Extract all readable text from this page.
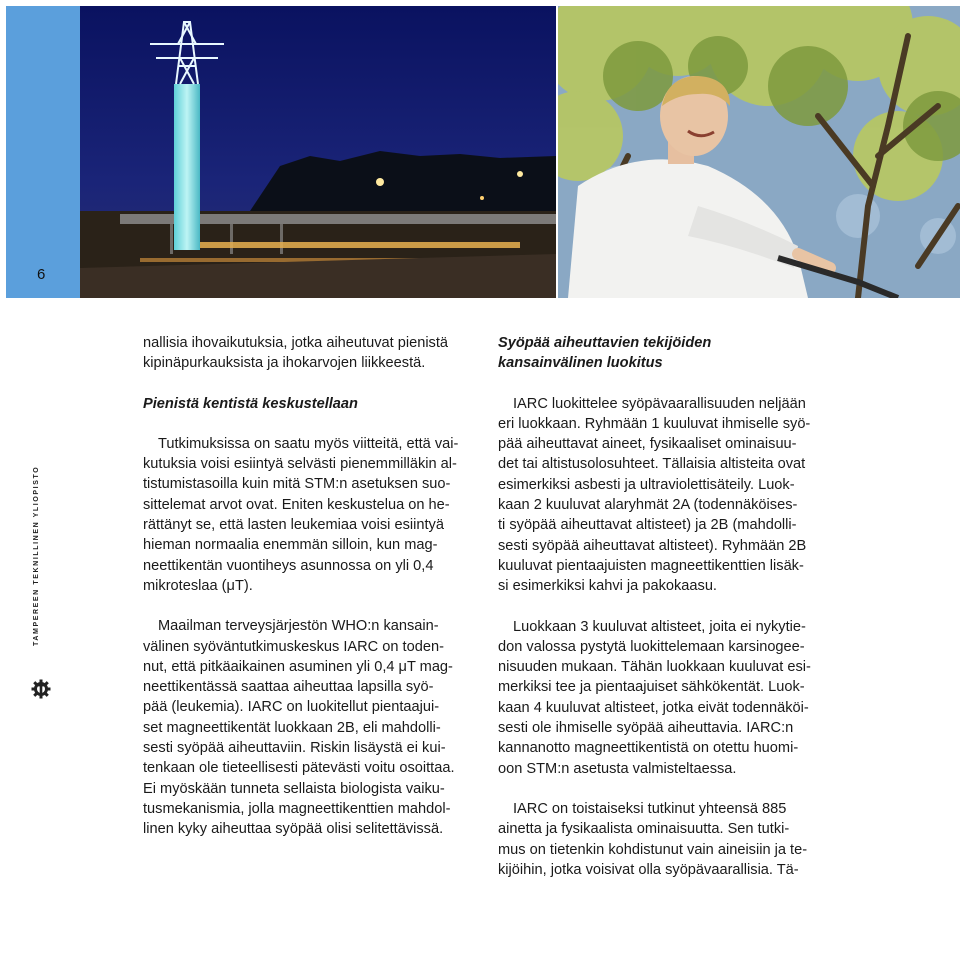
6
TAMPEREEN TEKNILLINEN YLIOPISTO

nallisia ihovaikutuksia, jotka aiheutuvat pienistä

kipinäpurkauksista ja ihokarvojen liikkeestä.

Pienistä kentistä keskustellaan

Tutkimuksissa on saatu myös viitteitä, että vai-

kutuksia voisi esiintyä selvästi pienemmilläkin al-

tistumistasoilla kuin mitä STM:n asetuksen suo-

sittelemat arvot ovat. Eniten keskustelua on he-

rättänyt se, että lasten leukemiaa voisi esiintyä

hieman normaalia enemmän silloin, kun mag-

neettikentän vuontiheys asunnossa on yli 0,4

mikroteslaa (μT).

Maailman terveysjärjestön WHO:n kansain-

välinen syöväntutkimuskeskus IARC on toden-

nut, että pitkäaikainen asuminen yli 0,4 μT mag-

neettikentässä saattaa aiheuttaa lapsilla syö-

pää (leukemia). IARC on luokitellut pientaajui-

set magneettikentät luokkaan 2B, eli mahdolli-

sesti syöpää aiheuttaviin. Riskin lisäystä ei kui-

tenkaan ole tieteellisesti pätevästi voitu osoittaa.

Ei myöskään tunneta sellaista biologista vaiku-

tusmekanismia, jolla magneettikenttien mahdol-

linen kyky aiheuttaa syöpää olisi selitettävissä.

Syöpää aiheuttavien tekijöiden

kansainvälinen luokitus

IARC luokittelee syöpävaarallisuuden neljään

eri luokkaan. Ryhmään 1 kuuluvat ihmiselle syö-

pää aiheuttavat aineet, fysikaaliset ominaisuu-

det tai altistusolosuhteet. Tällaisia altisteita ovat

esimerkiksi asbesti ja ultraviolettisäteily. Luok-

kaan 2 kuuluvat alaryhmät 2A (todennäköises-

ti syöpää aiheuttavat altisteet) ja 2B (mahdolli-

sesti syöpää aiheuttavat altisteet). Ryhmään 2B

kuuluvat pientaajuisten magneettikenttien lisäk-

si esimerkiksi kahvi ja pakokaasu.

Luokkaan 3 kuuluvat altisteet, joita ei nykytie-

don valossa pystytä luokittelemaan karsinogee-

nisuuden mukaan. Tähän luokkaan kuuluvat esi-

merkiksi tee ja pientaajuiset sähkökentät. Luok-

kaan 4 kuuluvat altisteet, jotka eivät todennäköi-

sesti ole ihmiselle syöpää aiheuttavia. IARC:n

kannanotto magneettikentistä on otettu huomi-

oon STM:n asetusta valmisteltaessa.

IARC on toistaiseksi tutkinut yhteensä 885

ainetta ja fysikaalista ominaisuutta. Sen tutki-

mus on tietenkin kohdistunut vain aineisiin ja te-

kijöihin, jotka voisivat olla syöpävaarallisia. Tä-
